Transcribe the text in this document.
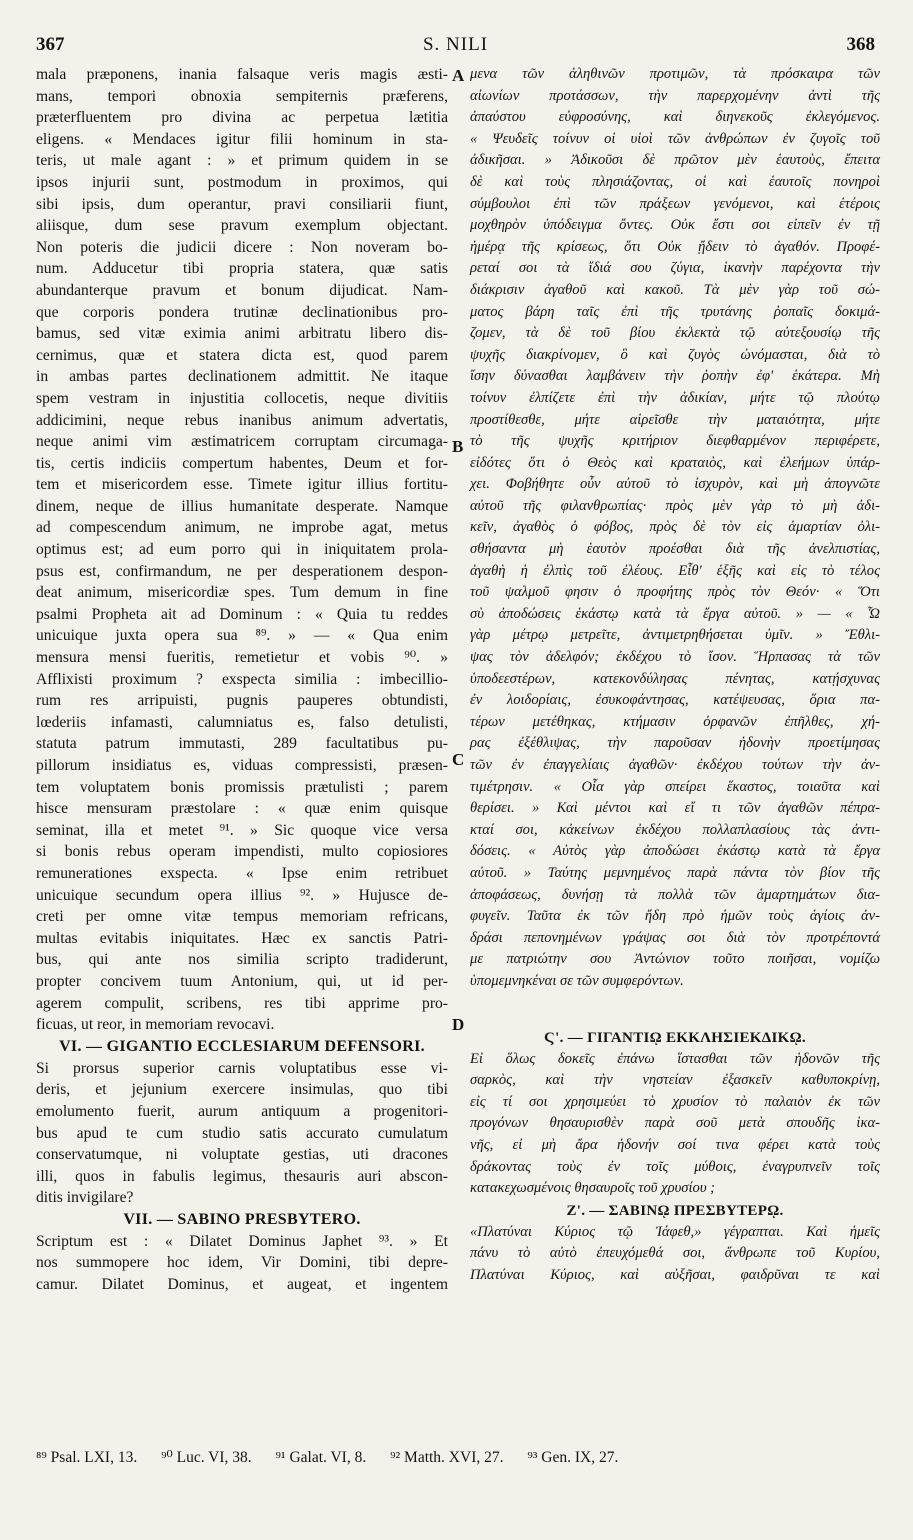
367	S. NILI	368
A
B
C
D

mala præponens, inania falsaque veris magis æsti-

mans, tempori obnoxia sempiternis præferens,

præterfluentem pro divina ac perpetua lætitia

eligens. « Mendaces igitur filii hominum in sta-

teris, ut male agant : » et primum quidem in se

ipsos injurii sunt, postmodum in proximos, qui

sibi ipsis, dum operantur, pravi consiliarii fiunt,

aliisque, dum sese pravum exemplum objectant.

Non poteris die judicii dicere : Non noveram bo-

num. Adducetur tibi propria statera, quæ satis

abundanterque pravum et bonum dijudicat. Nam-

que corporis pondera trutinæ declinationibus pro-

bamus, sed vitæ eximia animi arbitratu libero dis-

cernimus, quæ et statera dicta est, quod parem

in ambas partes declinationem admittit. Ne itaque

spem vestram in injustitia collocetis, neque divitiis

addicimini, neque rebus inanibus animum advertatis,

neque animi vim æstimatricem corruptam circumaga-

tis, certis indiciis compertum habentes, Deum et for-

tem et misericordem esse. Timete igitur illius fortitu-

dinem, neque de illius humanitate desperate. Namque

ad compescendum animum, ne improbe agat, metus

optimus est; ad eum porro qui in iniquitatem prola-

psus est, confirmandum, ne per desperationem despon-

deat animum, misericordiæ spes. Tum demum in fine

psalmi Propheta ait ad Dominum : « Quia tu reddes

unicuique juxta opera sua ⁸⁹. » — « Qua enim

mensura mensi fueritis, remetietur et vobis ⁹⁰. »

Afflixisti proximum ? exspecta similia : imbecillio-

rum res arripuisti, pugnis pauperes obtundisti,

lœderiis infamasti, calumniatus es, falso detulisti,

statuta patrum immutasti, 289 facultatibus pu-

pillorum insidiatus es, viduas compressisti, præsen-

tem voluptatem bonis promissis prætulisti ; parem

hisce mensuram præstolare : « quæ enim quisque

seminat, illa et metet ⁹¹. » Sic quoque vice versa

si bonis rebus operam impendisti, multo copiosiores

remunerationes exspecta. « Ipse enim retribuet

unicuique secundum opera illius ⁹². » Hujusce de-

creti per omne vitæ tempus memoriam refricans,

multas evitabis iniquitates. Hæc ex sanctis Patri-

bus, qui ante nos similia scripto tradiderunt,

propter concivem tuum Antonium, qui, ut id per-

agerem compulit, scribens, res tibi apprime pro-

ficuas, ut reor, in memoriam revocavi.

VI. — GIGANTIO ECCLESIARUM DEFENSORI.

Si prorsus superior carnis voluptatibus esse vi-

deris, et jejunium exercere insimulas, quo tibi

emolumento fuerit, aurum antiquum a progenitori-

bus apud te cum studio satis accurato cumulatum

conservatumque, ni voluptate gestias, uti dracones

illi, quos in fabulis legimus, thesauris auri abscon-

ditis invigilare?

VII. — SABINO PRESBYTERO.

Scriptum est : « Dilatet Dominus Japhet ⁹³. » Et

nos summopere hoc idem, Vir Domini, tibi depre-

camur. Dilatet Dominus, et augeat, et ingentem

μενα τῶν ἀληθινῶν προτιμῶν, τὰ πρόσκαιρα τῶν

αἰωνίων προτάσσων, τὴν παρερχομένην ἀντὶ τῆς

ἀπαύστου εὐφροσύνης, καὶ διηνεκοῦς ἐκλεγόμενος.

« Ψευδεῖς τοίνυν οἱ υἱοὶ τῶν ἀνθρώπων ἐν ζυγοῖς τοῦ

ἀδικῆσαι. » Ἀδικοῦσι δὲ πρῶτον μὲν ἑαυτοὺς, ἔπειτα

δὲ καὶ τοὺς πλησιάζοντας, οἱ καὶ ἑαυτοῖς πονηροὶ

σύμβουλοι ἐπὶ τῶν πράξεων γενόμενοι, καὶ ἑτέροις

μοχθηρὸν ὑπόδειγμα ὄντες. Οὐκ ἔστι σοι εἰπεῖν ἐν τῇ

ἡμέρᾳ τῆς κρίσεως, ὅτι Οὐκ ᾔδειν τὸ ἀγαθόν. Προφέ-

ρεταί σοι τὰ ἴδιά σου ζύγια, ἱκανὴν παρέχοντα τὴν

διάκρισιν ἀγαθοῦ καὶ κακοῦ. Τὰ μὲν γὰρ τοῦ σώ-

ματος βάρη ταῖς ἐπὶ τῆς τρυτάνης ῥοπαῖς δοκιμά-

ζομεν, τὰ δὲ τοῦ βίου ἐκλεκτὰ τῷ αὐτεξουσίῳ τῆς

ψυχῆς διακρίνομεν, ὃ καὶ ζυγὸς ὠνόμασται, διὰ τὸ

ἴσην δύνασθαι λαμβάνειν τὴν ῥοπὴν ἐφ' ἑκάτερα. Μὴ

τοίνυν ἐλπίζετε ἐπὶ τὴν ἀδικίαν, μήτε τῷ πλούτῳ

προστίθεσθε, μήτε αἱρεῖσθε τὴν ματαιότητα, μήτε

τὸ τῆς ψυχῆς κριτήριον διεφθαρμένον περιφέρετε,

εἰδότες ὅτι ὁ Θεὸς καὶ κραταιὸς, καὶ ἐλεήμων ὑπάρ-

χει. Φοβήθητε οὖν αὐτοῦ τὸ ἰσχυρὸν, καὶ μὴ ἀπογνῶτε

αὐτοῦ τῆς φιλανθρωπίας· πρὸς μὲν γὰρ τὸ μὴ ἀδι-

κεῖν, ἀγαθὸς ὁ φόβος, πρὸς δὲ τὸν εἰς ἁμαρτίαν ὀλι-

σθήσαντα μὴ ἑαυτὸν προέσθαι διὰ τῆς ἀνελπιστίας,

ἀγαθὴ ἡ ἐλπὶς τοῦ ἐλέους. Εἶθ' ἑξῆς καὶ εἰς τὸ τέλος

τοῦ ψαλμοῦ φησιν ὁ προφήτης πρὸς τὸν Θεόν· « Ὅτι

σὺ ἀποδώσεις ἑκάστῳ κατὰ τὰ ἔργα αὐτοῦ. » — « Ὧ

γὰρ μέτρῳ μετρεῖτε, ἀντιμετρηθήσεται ὑμῖν. » Ἔθλι-

ψας τὸν ἀδελφόν; ἐκδέχου τὸ ἴσον. Ἥρπασας τὰ τῶν

ὑποδεεστέρων, κατεκονδύλησας πένητας, κατῄσχυνας

ἐν λοιδορίαις, ἐσυκοφάντησας, κατέψευσας, ὅρια πα-

τέρων μετέθηκας, κτήμασιν ὀρφανῶν ἐπῆλθες, χή-

ρας ἐξέθλιψας, τὴν παροῦσαν ἡδονὴν προετίμησας

τῶν ἐν ἐπαγγελίαις ἀγαθῶν· ἐκδέχου τούτων τὴν ἀν-

τιμέτρησιν. « Οἷα γὰρ σπείρει ἕκαστος, τοιαῦτα καὶ

θερίσει. » Καὶ μέντοι καὶ εἴ τι τῶν ἀγαθῶν πέπρα-

κταί σοι, κἀκείνων ἐκδέχου πολλαπλασίους τὰς ἀντι-

δόσεις. « Αὐτὸς γὰρ ἀποδώσει ἑκάστῳ κατὰ τὰ ἔργα

αὐτοῦ. » Ταύτης μεμνημένος παρὰ πάντα τὸν βίον τῆς

ἀποφάσεως, δυνήσῃ τὰ πολλὰ τῶν ἁμαρτημάτων δια-

φυγεῖν. Ταῦτα ἐκ τῶν ἤδη πρὸ ἡμῶν τοὺς ἁγίοις ἀν-

δράσι πεπονημένων γράψας σοι διὰ τὸν προτρέποντά

με πατριώτην σου Ἀντώνιον τοῦτο ποιῆσαι, νομίζω

ὑπομεμνηκέναι σε τῶν συμφερόντων.

Ϛ'. — ΓΙΓΑΝΤΙῼ ΕΚΚΛΗΣΙΕΚΔΙΚῼ.

Εἰ ὅλως δοκεῖς ἐπάνω ἵστασθαι τῶν ἡδονῶν τῆς

σαρκὸς, καὶ τὴν νηστείαν ἐξασκεῖν καθυποκρίνῃ,

εἰς τί σοι χρησιμεύει τὸ χρυσίον τὸ παλαιὸν ἐκ τῶν

προγόνων θησαυρισθὲν παρὰ σοῦ μετὰ σπουδῆς ἱκα-

νῆς, εἰ μὴ ἄρα ἡδονήν σοί τινα φέρει κατὰ τοὺς

δράκοντας τοὺς ἐν τοῖς μύθοις, ἐναγρυπνεῖν τοῖς

κατακεχωσμένοις θησαυροῖς τοῦ χρυσίου ;

Ζ'. — ΣΑΒΙΝῼ ΠΡΕΣΒΥΤΕΡῼ.

«Πλατύναι Κύριος τῷ Ἰάφεθ,» γέγραπται. Καὶ ἡμεῖς

πάνυ τὸ αὐτὸ ἐπευχόμεθά σοι, ἄνθρωπε τοῦ Κυρίου,

Πλατύναι Κύριος, καὶ αὐξῆσαι, φαιδρῦναι τε καὶ

⁸⁹ Psal. LXI, 13. ⁹⁰ Luc. VI, 38. ⁹¹ Galat. VI, 8. ⁹² Matth. XVI, 27. ⁹³ Gen. IX, 27.
